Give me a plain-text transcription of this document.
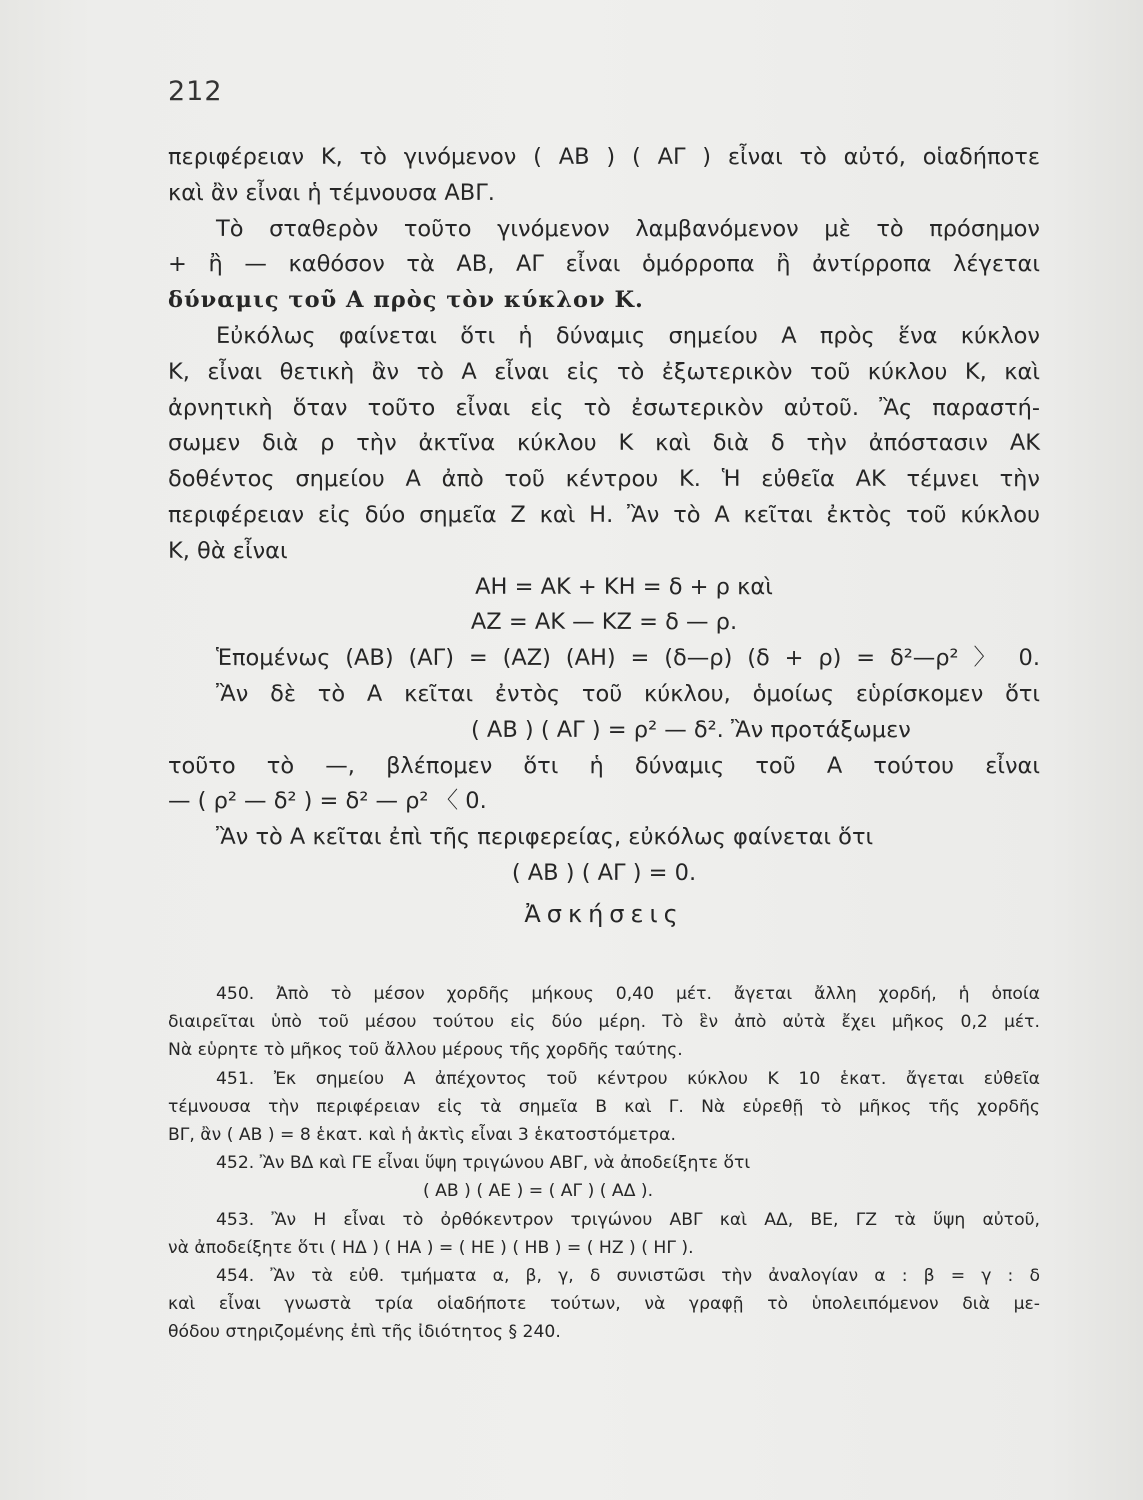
212
περιφέρειαν Κ, τὸ γινόμενον ( ΑΒ ) ( ΑΓ ) εἶναι τὸ αὐτό, οἱαδήποτε
καὶ ἂν εἶναι ἡ τέμνουσα ΑΒΓ.
Τὸ σταθερὸν τοῦτο γινόμενον λαμβανόμενον μὲ τὸ πρόσημον
+ ἢ — καθόσον τὰ ΑΒ, ΑΓ εἶναι ὁμόρροπα ἢ ἀντίρροπα λέγεται
δύναμις τοῦ Α πρὸς τὸν κύκλον Κ.
Εὐκόλως φαίνεται ὅτι ἡ δύναμις σημείου Α πρὸς ἕνα κύκλον
Κ, εἶναι θετικὴ ἂν τὸ Α εἶναι εἰς τὸ ἐξωτερικὸν τοῦ κύκλου Κ, καὶ
ἀρνητικὴ ὅταν τοῦτο εἶναι εἰς τὸ ἐσωτερικὸν αὐτοῦ. Ἂς παραστή-
σωμεν διὰ ρ τὴν ἀκτῖνα κύκλου Κ καὶ διὰ δ τὴν ἀπόστασιν ΑΚ
δοθέντος σημείου Α ἀπὸ τοῦ κέντρου Κ. Ἡ εὐθεῖα ΑΚ τέμνει τὴν
περιφέρειαν εἰς δύο σημεῖα Ζ καὶ Η. Ἂν τὸ Α κεῖται ἐκτὸς τοῦ κύκλου
Κ, θὰ εἶναι
ΑΗ = ΑΚ + ΚΗ = δ + ρ καὶ
ΑΖ = ΑΚ — ΚΖ = δ — ρ.
Ἑπομένως (ΑΒ) (ΑΓ) = (ΑΖ) (ΑΗ) = (δ—ρ) (δ + ρ) = δ²—ρ² 〉 0.
Ἂν δὲ τὸ Α κεῖται ἐντὸς τοῦ κύκλου, ὁμοίως εὑρίσκομεν ὅτι
( ΑΒ ) ( ΑΓ ) = ρ² — δ². Ἂν προτάξωμεν
τοῦτο τὸ —, βλέπομεν ὅτι ἡ δύναμις τοῦ Α τούτου εἶναι
— ( ρ² — δ² ) = δ² — ρ² 〈 0.
Ἂν τὸ Α κεῖται ἐπὶ τῆς περιφερείας, εὐκόλως φαίνεται ὅτι
( ΑΒ ) ( ΑΓ ) = 0.
Ἀσκήσεις
450. Ἀπὸ τὸ μέσον χορδῆς μήκους 0,40 μέτ. ἄγεται ἄλλη χορδή, ἡ ὁποία
διαιρεῖται ὑπὸ τοῦ μέσου τούτου εἰς δύο μέρη. Τὸ ἓν ἀπὸ αὐτὰ ἔχει μῆκος 0,2 μέτ.
Νὰ εὑρητε τὸ μῆκος τοῦ ἄλλου μέρους τῆς χορδῆς ταύτης.
451. Ἐκ σημείου Α ἀπέχοντος τοῦ κέντρου κύκλου Κ 10 ἑκατ. ἄγεται εὐθεῖα
τέμνουσα τὴν περιφέρειαν εἰς τὰ σημεῖα Β καὶ Γ. Νὰ εὑρεθῇ τὸ μῆκος τῆς χορδῆς
ΒΓ, ἂν ( ΑΒ ) = 8 ἑκατ. καὶ ἡ ἀκτὶς εἶναι 3 ἑκατοστόμετρα.
452. Ἂν ΒΔ καὶ ΓΕ εἶναι ὕψη τριγώνου ΑΒΓ, νὰ ἀποδείξητε ὅτι
( ΑΒ ) ( ΑΕ ) = ( ΑΓ ) ( ΑΔ ).
453. Ἂν Η εἶναι τὸ ὀρθόκεντρον τριγώνου ΑΒΓ καὶ ΑΔ, ΒΕ, ΓΖ τὰ ὕψη αὐτοῦ,
νὰ ἀποδείξητε ὅτι ( ΗΔ ) ( ΗΑ ) = ( ΗΕ ) ( ΗΒ ) = ( ΗΖ ) ( ΗΓ ).
454. Ἂν τὰ εὐθ. τμήματα α, β, γ, δ συνιστῶσι τὴν ἀναλογίαν α : β = γ : δ
καὶ εἶναι γνωστὰ τρία οἱαδήποτε τούτων, νὰ γραφῇ τὸ ὑπολειπόμενον διὰ με-
θόδου στηριζομένης ἐπὶ τῆς ἰδιότητος § 240.
